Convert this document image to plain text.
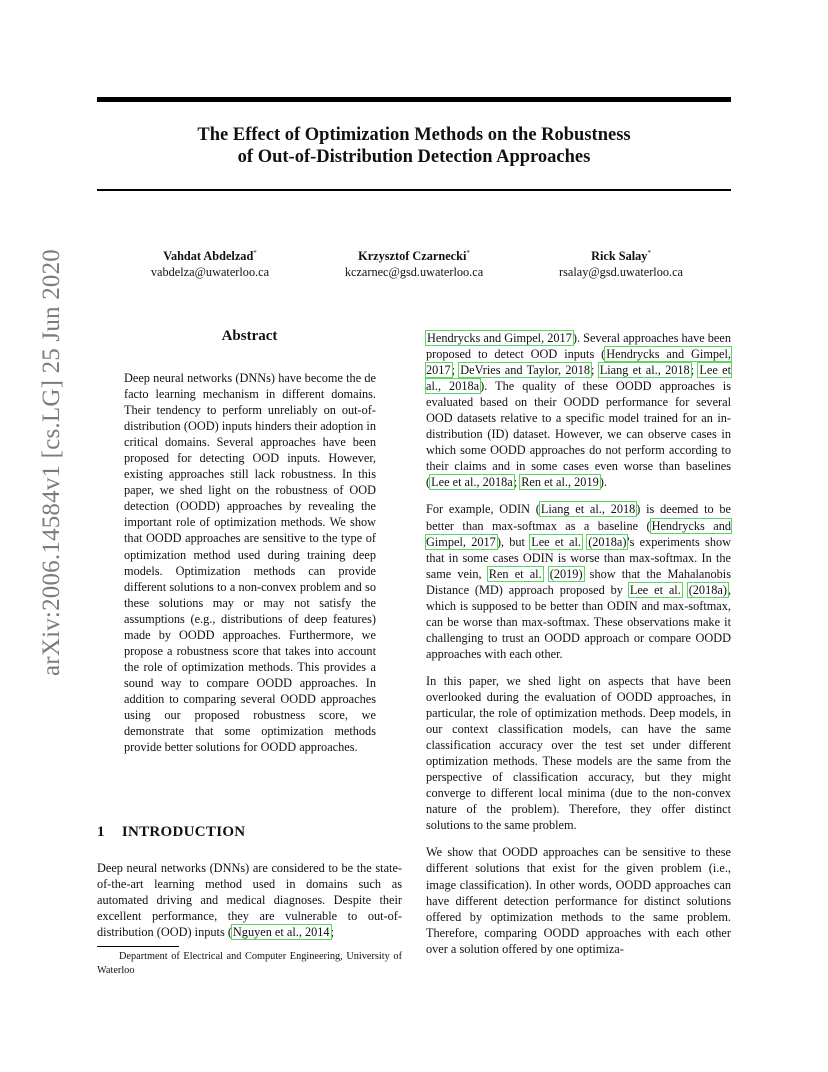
arXiv:2006.14584v1 [cs.LG] 25 Jun 2020
The Effect of Optimization Methods on the Robustness
of Out-of-Distribution Detection Approaches
Vahdat Abdelzad*
vabdelza@uwaterloo.ca
Krzysztof Czarnecki*
kczarnec@gsd.uwaterloo.ca
Rick Salay*
rsalay@gsd.uwaterloo.ca
Abstract

Deep neural networks (DNNs) have become the de facto learning mechanism in different domains. Their tendency to perform unreliably on out-of-distribution (OOD) inputs hinders their adoption in critical domains. Several approaches have been proposed for detecting OOD inputs. However, existing approaches still lack robustness. In this paper, we shed light on the robustness of OOD detection (OODD) approaches by revealing the important role of optimization methods. We show that OODD approaches are sensitive to the type of optimization method used during training deep models. Optimization methods can provide different solutions to a non-convex problem and so these solutions may or may not satisfy the assumptions (e.g., distributions of deep features) made by OODD approaches. Furthermore, we propose a robustness score that takes into account the role of optimization methods. This provides a sound way to compare OODD approaches. In addition to comparing several OODD approaches using our proposed robustness score, we demonstrate that some optimization methods provide better solutions for OODD approaches.

1 INTRODUCTION

Deep neural networks (DNNs) are considered to be the state-of-the-art learning method used in domains such as automated driving and medical diagnoses. Despite their excellent performance, they are vulnerable to out-of-distribution (OOD) inputs (Nguyen et al., 2014;

Department of Electrical and Computer Engineering, University of Waterloo

Hendrycks and Gimpel, 2017). Several approaches have been proposed to detect OOD inputs (Hendrycks and Gimpel, 2017; DeVries and Taylor, 2018; Liang et al., 2018; Lee et al., 2018a). The quality of these OODD approaches is evaluated based on their OODD performance for several OOD datasets relative to a specific model trained for an in-distribution (ID) dataset. However, we can observe cases in which some OODD approaches do not perform according to their claims and in some cases even worse than baselines (Lee et al., 2018a; Ren et al., 2019).

For example, ODIN (Liang et al., 2018) is deemed to be better than max-softmax as a baseline (Hendrycks and Gimpel, 2017), but Lee et al. (2018a)'s experiments show that in some cases ODIN is worse than max-softmax. In the same vein, Ren et al. (2019) show that the Mahalanobis Distance (MD) approach proposed by Lee et al. (2018a), which is supposed to be better than ODIN and max-softmax, can be worse than max-softmax. These observations make it challenging to trust an OODD approach or compare OODD approaches with each other.

In this paper, we shed light on aspects that have been overlooked during the evaluation of OODD approaches, in particular, the role of optimization methods. Deep models, in our context classification models, can have the same classification accuracy over the test set under different optimization methods. These models are the same from the perspective of classification accuracy, but they might converge to different local minima (due to the non-convex nature of the problem). Therefore, they offer distinct solutions to the same problem.

We show that OODD approaches can be sensitive to these different solutions that exist for the given problem (i.e., image classification). In other words, OODD approaches can have different detection performance for distinct solutions offered by optimization methods to the same problem. Therefore, comparing OODD approaches with each other over a solution offered by one optimiza-
